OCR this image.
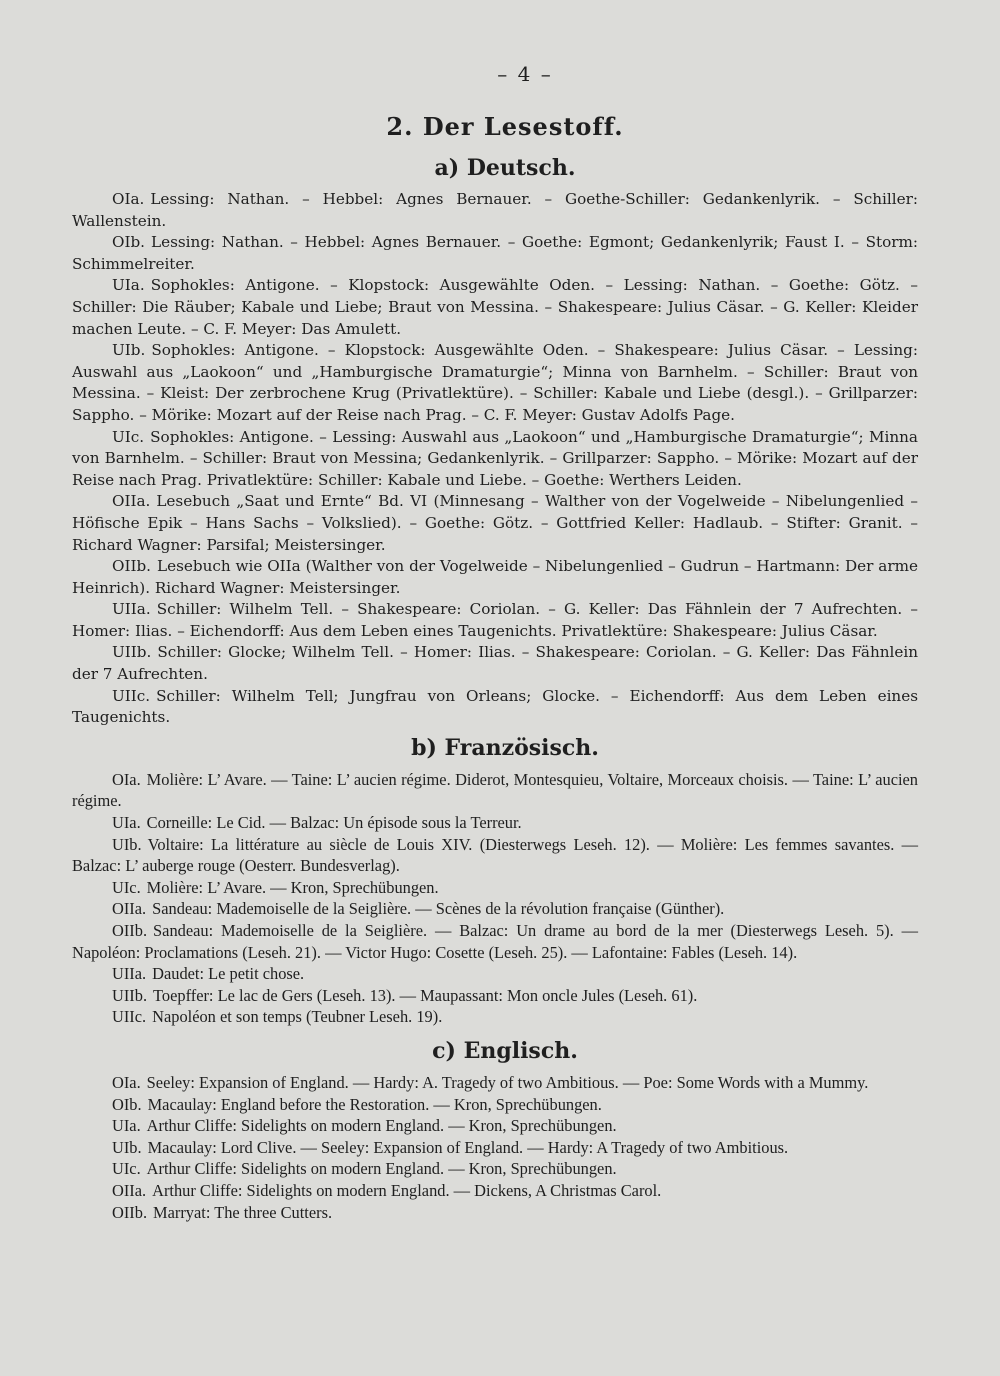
– 4 –
2. Der Lesestoff.
a) Deutsch.

OIa. Lessing: Nathan. – Hebbel: Agnes Bernauer. – Goethe-Schiller: Gedankenlyrik. – Schiller: Wallenstein.

OIb. Lessing: Nathan. – Hebbel: Agnes Bernauer. – Goethe: Egmont; Gedankenlyrik; Faust I. – Storm: Schimmelreiter.

UIa. Sophokles: Antigone. – Klopstock: Ausgewählte Oden. – Lessing: Nathan. – Goethe: Götz. – Schiller: Die Räuber; Kabale und Liebe; Braut von Messina. – Shakespeare: Julius Cäsar. – G. Keller: Kleider machen Leute. – C. F. Meyer: Das Amulett.

UIb. Sophokles: Antigone. – Klopstock: Ausgewählte Oden. – Shakespeare: Julius Cäsar. – Lessing: Auswahl aus „Laokoon“ und „Hamburgische Dramaturgie“; Minna von Barnhelm. – Schiller: Braut von Messina. – Kleist: Der zerbrochene Krug (Privatlektüre). – Schiller: Kabale und Liebe (desgl.). – Grillparzer: Sappho. – Mörike: Mozart auf der Reise nach Prag. – C. F. Meyer: Gustav Adolfs Page.

UIc. Sophokles: Antigone. – Lessing: Auswahl aus „Laokoon“ und „Hamburgische Dramaturgie“; Minna von Barnhelm. – Schiller: Braut von Messina; Gedankenlyrik. – Grillparzer: Sappho. – Mörike: Mozart auf der Reise nach Prag. Privatlektüre: Schiller: Kabale und Liebe. – Goethe: Werthers Leiden.

OIIa. Lesebuch „Saat und Ernte“ Bd. VI (Minnesang – Walther von der Vogelweide – Nibelungenlied – Höfische Epik – Hans Sachs – Volkslied). – Goethe: Götz. – Gottfried Keller: Hadlaub. – Stifter: Granit. – Richard Wagner: Parsifal; Meistersinger.

OIIb. Lesebuch wie OIIa (Walther von der Vogelweide – Nibelungenlied – Gudrun – Hartmann: Der arme Heinrich). Richard Wagner: Meistersinger.

UIIa. Schiller: Wilhelm Tell. – Shakespeare: Coriolan. – G. Keller: Das Fähnlein der 7 Aufrechten. – Homer: Ilias. – Eichendorff: Aus dem Leben eines Taugenichts. Privatlektüre: Shakespeare: Julius Cäsar.

UIIb. Schiller: Glocke; Wilhelm Tell. – Homer: Ilias. – Shakespeare: Coriolan. – G. Keller: Das Fähnlein der 7 Aufrechten.

UIIc. Schiller: Wilhelm Tell; Jungfrau von Orleans; Glocke. – Eichendorff: Aus dem Leben eines Taugenichts.

b) Französisch.

OIa. Molière: L’ Avare. — Taine: L’ aucien régime. Diderot, Montesquieu, Voltaire, Morceaux choisis. — Taine: L’ aucien régime.

UIa. Corneille: Le Cid. — Balzac: Un épisode sous la Terreur.

UIb. Voltaire: La littérature au siècle de Louis XIV. (Diesterwegs Leseh. 12). — Molière: Les femmes savantes. — Balzac: L’ auberge rouge (Oesterr. Bundesverlag).

UIc. Molière: L’ Avare. — Kron, Sprechübungen.

OIIa. Sandeau: Mademoiselle de la Seiglière. — Scènes de la révolution française (Günther).

OIIb. Sandeau: Mademoiselle de la Seiglière. — Balzac: Un drame au bord de la mer (Diesterwegs Leseh. 5). — Napoléon: Proclamations (Leseh. 21). — Victor Hugo: Cosette (Leseh. 25). — Lafontaine: Fables (Leseh. 14).

UIIa. Daudet: Le petit chose.

UIIb. Toepffer: Le lac de Gers (Leseh. 13). — Maupassant: Mon oncle Jules (Leseh. 61).

UIIc. Napoléon et son temps (Teubner Leseh. 19).

c) Englisch.

OIa. Seeley: Expansion of England. — Hardy: A. Tragedy of two Ambitious. — Poe: Some Words with a Mummy.

OIb. Macaulay: England before the Restoration. — Kron, Sprechübungen.

UIa. Arthur Cliffe: Sidelights on modern England. — Kron, Sprechübungen.

UIb. Macaulay: Lord Clive. — Seeley: Expansion of England. — Hardy: A Tragedy of two Ambitious.

UIc. Arthur Cliffe: Sidelights on modern England. — Kron, Sprechübungen.

OIIa. Arthur Cliffe: Sidelights on modern England. — Dickens, A Christmas Carol.

OIIb. Marryat: The three Cutters.
